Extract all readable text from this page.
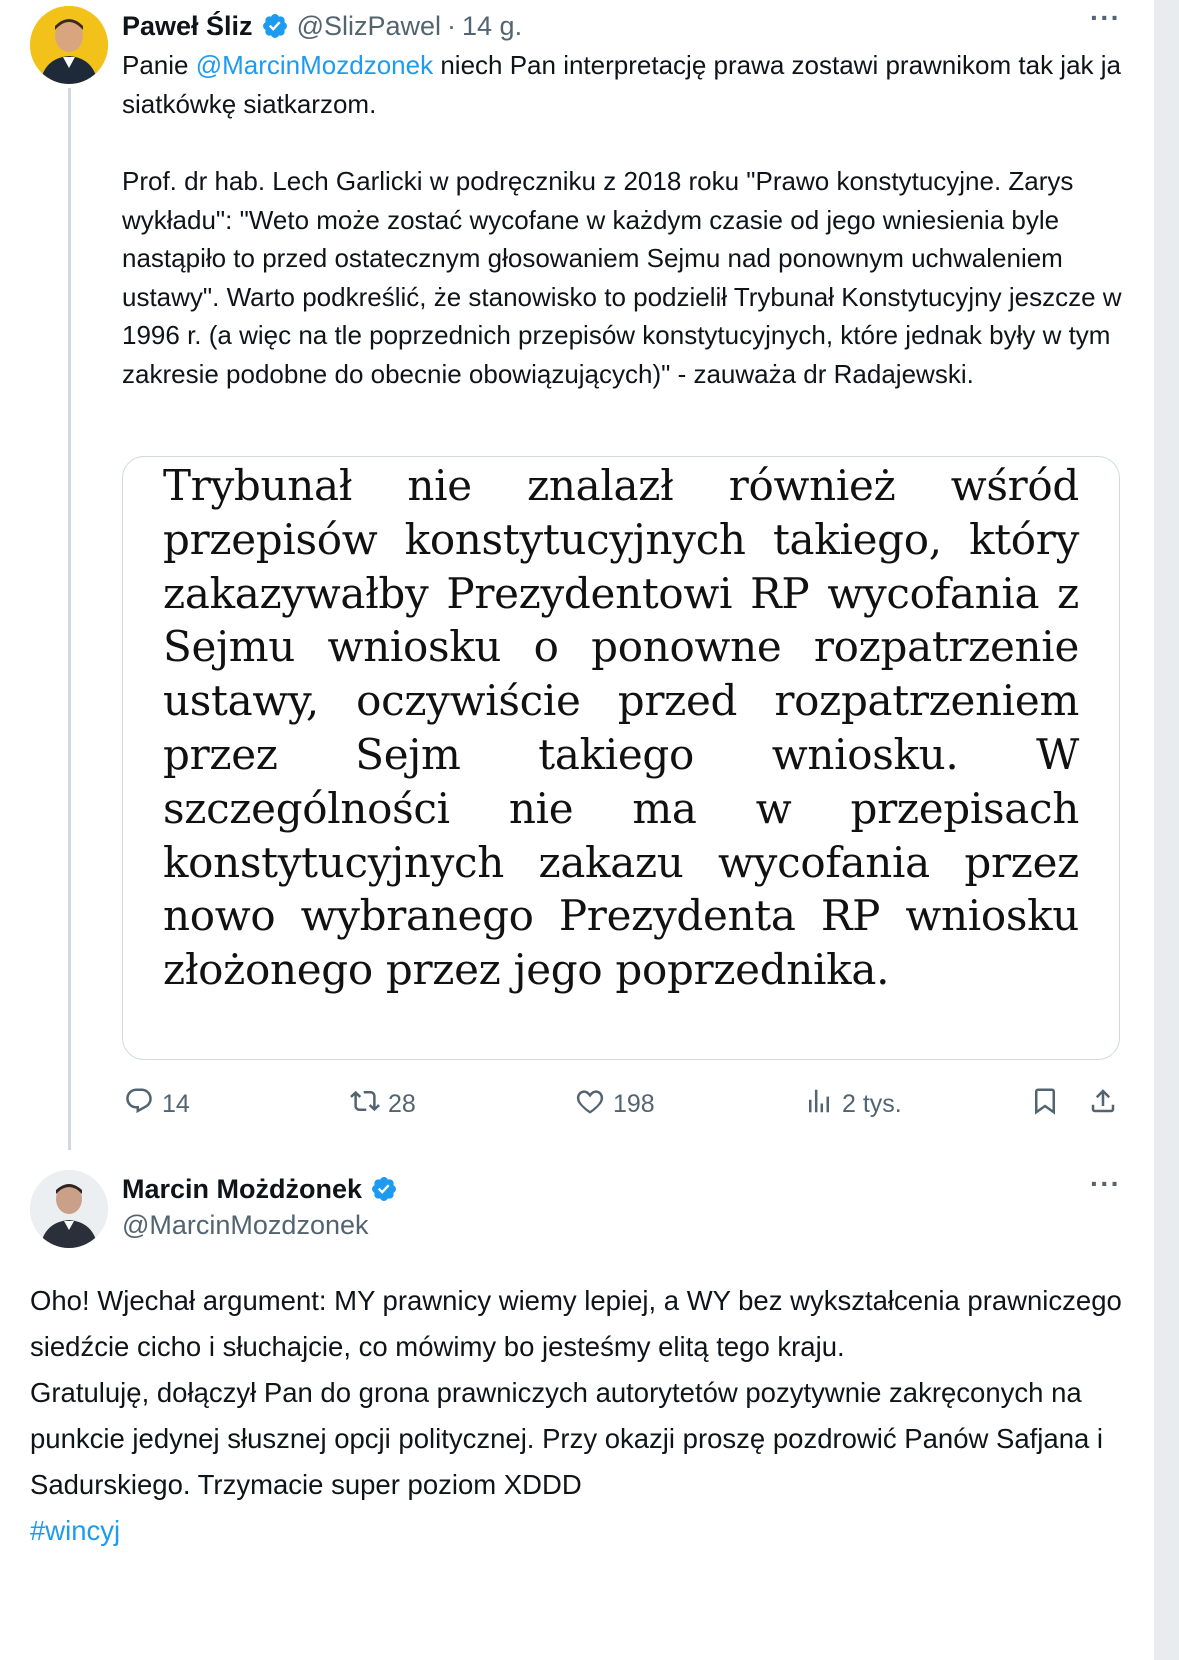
Paweł Śliz @SlizPawel · 14 g.	···
Panie @MarcinMozdzonek niech Pan interpretację prawa zostawi prawnikom tak jak ja siatkówkę siatkarzom.
Prof. dr hab. Lech Garlicki w podręczniku z 2018 roku "Prawo konstytucyjne. Zarys wykładu": "Weto może zostać wycofane w każdym czasie od jego wniesienia byle nastąpiło to przed ostatecznym głosowaniem Sejmu nad ponownym uchwaleniem ustawy". Warto podkreślić, że stanowisko to podzielił Trybunał Konstytucyjny jeszcze w 1996 r. (a więc na tle poprzednich przepisów konstytucyjnych, które jednak były w tym zakresie podobne do obecnie obowiązujących)" - zauważa dr Radajewski.
Trybunał nie znalazł również wśród przepisów konstytucyjnych takiego, który zakazywałby Prezydentowi RP wycofania z Sejmu wniosku o ponowne rozpatrzenie ustawy, oczywiście przed rozpatrzeniem przez Sejm takiego wniosku. W szczególności nie ma w przepisach konstytucyjnych zakazu wycofania przez nowo wybranego Prezydenta RP wniosku złożonego przez jego poprzednika.
14	28	198	2 tys.
Marcin Możdżonek
@MarcinMozdzonek
···
Oho! Wjechał argument: MY prawnicy wiemy lepiej, a WY bez wykształcenia prawniczego siedźcie cicho i słuchajcie, co mówimy bo jesteśmy elitą tego kraju.
Gratuluję, dołączył Pan do grona prawniczych autorytetów pozytywnie zakręconych na punkcie jedynej słusznej opcji politycznej. Przy okazji proszę pozdrowić Panów Safjana i Sadurskiego. Trzymacie super poziom XDDD
#wincyj
